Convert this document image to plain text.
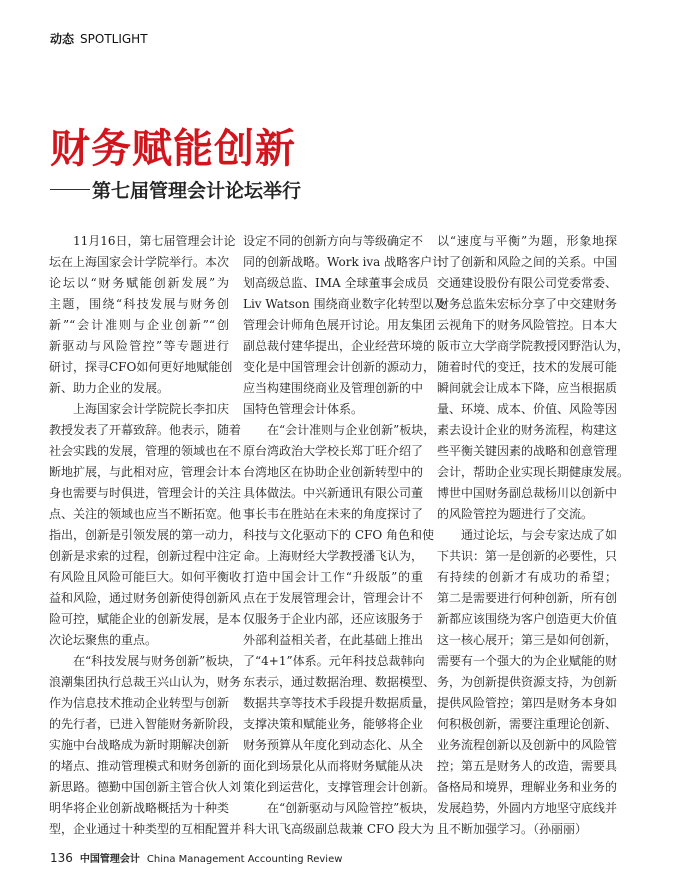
动态 SPOTLIGHT
财务赋能创新
第七届管理会计论坛举行
11月16日，第七届管理会计论
坛在上海国家会计学院举行。本次
论坛以“财务赋能创新发展”为
主题，围绕“科技发展与财务创
新”“会计准则与企业创新”“创
新驱动与风险管控”等专题进行
研讨，探寻CFO如何更好地赋能创
新、助力企业的发展。
上海国家会计学院院长李扣庆
教授发表了开幕致辞。他表示，随着
社会实践的发展，管理的领域也在不
断地扩展，与此相对应，管理会计本
身也需要与时俱进，管理会计的关注
点、关注的领域也应当不断拓宽。他
指出，创新是引领发展的第一动力，
创新是求索的过程，创新过程中注定
有风险且风险可能巨大。如何平衡收
益和风险，通过财务创新使得创新风
险可控，赋能企业的创新发展，是本
次论坛聚焦的重点。
在“科技发展与财务创新”板块，
浪潮集团执行总裁王兴山认为，财务
作为信息技术推动企业转型与创新
的先行者，已进入智能财务新阶段，
实施中台战略成为新时期解决创新
的堵点、推动管理模式和财务创新的
新思路。德勤中国创新主管合伙人刘
明华将企业创新战略概括为十种类
型，企业通过十种类型的互相配置并
设定不同的创新方向与等级确定不
同的创新战略。Work iva 战略客户计
划高级总监、IMA 全球董事会成员
Liv Watson 围绕商业数字化转型以及
管理会计师角色展开讨论。用友集团
副总裁付建华提出，企业经营环境的
变化是中国管理会计创新的源动力，
应当构建围绕商业及管理创新的中
国特色管理会计体系。
在“会计准则与企业创新”板块，
原台湾政治大学校长郑丁旺介绍了
台湾地区在协助企业创新转型中的
具体做法。中兴新通讯有限公司董
事长韦在胜站在未来的角度探讨了
科技与文化驱动下的 CFO 角色和使
命。上海财经大学教授潘飞认为，
打造中国会计工作“升级版”的重
点在于发展管理会计，管理会计不
仅服务于企业内部，还应该服务于
外部利益相关者，在此基础上推出
了“4+1”体系。元年科技总裁韩向
东表示，通过数据治理、数据模型、
数据共享等技术手段提升数据质量，
支撑决策和赋能业务，能够将企业
财务预算从年度化到动态化、从全
面化到场景化从而将财务赋能从决
策化到运营化，支撑管理会计创新。
在“创新驱动与风险管控”板块，
科大讯飞高级副总裁兼 CFO 段大为
以“速度与平衡”为题，形象地探
讨了创新和风险之间的关系。中国
交通建设股份有限公司党委常委、
财务总监朱宏标分享了中交建财务
云视角下的财务风险管控。日本大
阪市立大学商学院教授冈野浩认为，
随着时代的变迁，技术的发展可能
瞬间就会让成本下降，应当根据质
量、环境、成本、价值、风险等因
素去设计企业的财务流程，构建这
些平衡关键因素的战略和创意管理
会计，帮助企业实现长期健康发展。
博世中国财务副总裁杨川以创新中
的风险管控为题进行了交流。
通过论坛，与会专家达成了如
下共识：第一是创新的必要性，只
有持续的创新才有成功的希望；
第二是需要进行何种创新，所有创
新都应该围绕为客户创造更大价值
这一核心展开；第三是如何创新，
需要有一个强大的为企业赋能的财
务，为创新提供资源支持，为创新
提供风险管控；第四是财务本身如
何积极创新，需要注重理论创新、
业务流程创新以及创新中的风险管
控；第五是财务人的改造，需要具
备格局和境界，理解业务和业务的
发展趋势，外圆内方地坚守底线并
且不断加强学习。（孙丽丽）
136 中国管理会计 China Management Accounting Review
